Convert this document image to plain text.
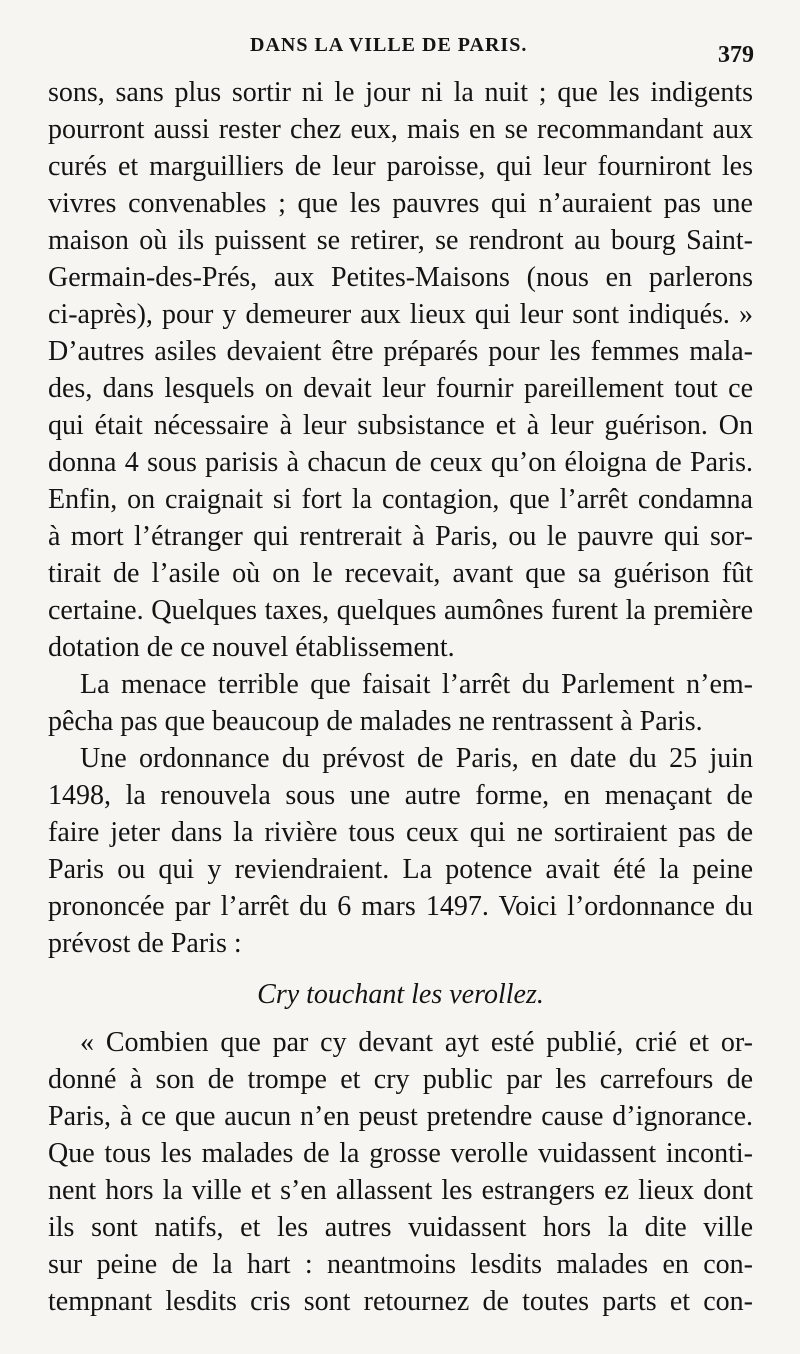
DANS LA VILLE DE PARIS.	379
sons, sans plus sortir ni le jour ni la nuit ; que les indigents
pourront aussi rester chez eux, mais en se recommandant aux
curés et marguilliers de leur paroisse, qui leur fourniront les
vivres convenables ; que les pauvres qui n’auraient pas une
maison où ils puissent se retirer, se rendront au bourg Saint-
Germain-des-Prés, aux Petites-Maisons (nous en parlerons
ci-après), pour y demeurer aux lieux qui leur sont indiqués. »
D’autres asiles devaient être préparés pour les femmes mala-
des, dans lesquels on devait leur fournir pareillement tout ce
qui était nécessaire à leur subsistance et à leur guérison. On
donna 4 sous parisis à chacun de ceux qu’on éloigna de Paris.
Enfin, on craignait si fort la contagion, que l’arrêt condamna
à mort l’étranger qui rentrerait à Paris, ou le pauvre qui sor-
tirait de l’asile où on le recevait, avant que sa guérison fût
certaine. Quelques taxes, quelques aumônes furent la première
dotation de ce nouvel établissement.
La menace terrible que faisait l’arrêt du Parlement n’em-
pêcha pas que beaucoup de malades ne rentrassent à Paris.
Une ordonnance du prévost de Paris, en date du 25 juin
1498, la renouvela sous une autre forme, en menaçant de
faire jeter dans la rivière tous ceux qui ne sortiraient pas de
Paris ou qui y reviendraient. La potence avait été la peine
prononcée par l’arrêt du 6 mars 1497. Voici l’ordonnance du
prévost de Paris :
Cry touchant les verollez.
« Combien que par cy devant ayt esté publié, crié et or-
donné à son de trompe et cry public par les carrefours de
Paris, à ce que aucun n’en peust pretendre cause d’ignorance.
Que tous les malades de la grosse verolle vuidassent inconti-
nent hors la ville et s’en allassent les estrangers ez lieux dont
ils sont natifs, et les autres vuidassent hors la dite ville
sur peine de la hart : neantmoins lesdits malades en con-
tempnant lesdits cris sont retournez de toutes parts et con-
